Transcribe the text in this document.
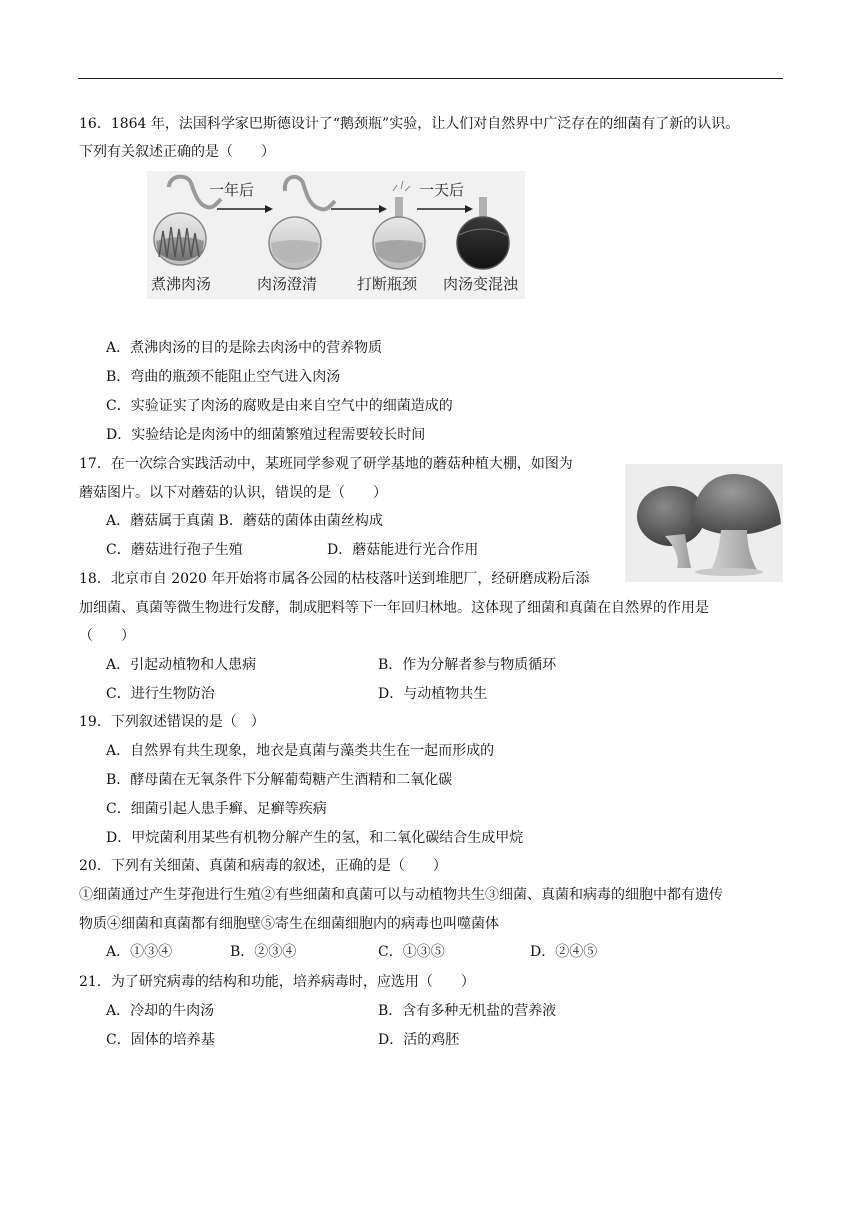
16．1864 年，法国科学家巴斯德设计了“鹅颈瓶”实验，让人们对自然界中广泛存在的细菌有了新的认识。
下列有关叙述正确的是（　　）
一年后	一天后
煮沸肉汤	肉汤澄清	打断瓶颈 肉汤变混浊
A．煮沸肉汤的目的是除去肉汤中的营养物质
B．弯曲的瓶颈不能阻止空气进入肉汤
C．实验证实了肉汤的腐败是由来自空气中的细菌造成的
D．实验结论是肉汤中的细菌繁殖过程需要较长时间
17．在一次综合实践活动中，某班同学参观了研学基地的蘑菇种植大棚，如图为
蘑菇图片。以下对蘑菇的认识，错误的是（　　）
A．蘑菇属于真菌 B．蘑菇的菌体由菌丝构成
C．蘑菇进行孢子生殖	D．蘑菇能进行光合作用
18．北京市自 2020 年开始将市属各公园的枯枝落叶送到堆肥厂，经研磨成粉后添
加细菌、真菌等微生物进行发酵，制成肥料等下一年回归林地。这体现了细菌和真菌在自然界的作用是
（　　）
A．引起动植物和人患病	B．作为分解者参与物质循环
C．进行生物防治	D．与动植物共生
19．下列叙述错误的是（　）
A．自然界有共生现象，地衣是真菌与藻类共生在一起而形成的
B．酵母菌在无氧条件下分解葡萄糖产生酒精和二氧化碳
C．细菌引起人患手癣、足癣等疾病
D．甲烷菌利用某些有机物分解产生的氢，和二氧化碳结合生成甲烷
20．下列有关细菌、真菌和病毒的叙述，正确的是（　　）
①细菌通过产生芽孢进行生殖②有些细菌和真菌可以与动植物共生③细菌、真菌和病毒的细胞中都有遗传
物质④细菌和真菌都有细胞壁⑤寄生在细菌细胞内的病毒也叫噬菌体
A．①③④	B．②③④	C．①③⑤	D．②④⑤
21．为了研究病毒的结构和功能，培养病毒时，应选用（　　）
A．冷却的牛肉汤	B．含有多种无机盐的营养液
C．固体的培养基	D．活的鸡胚
